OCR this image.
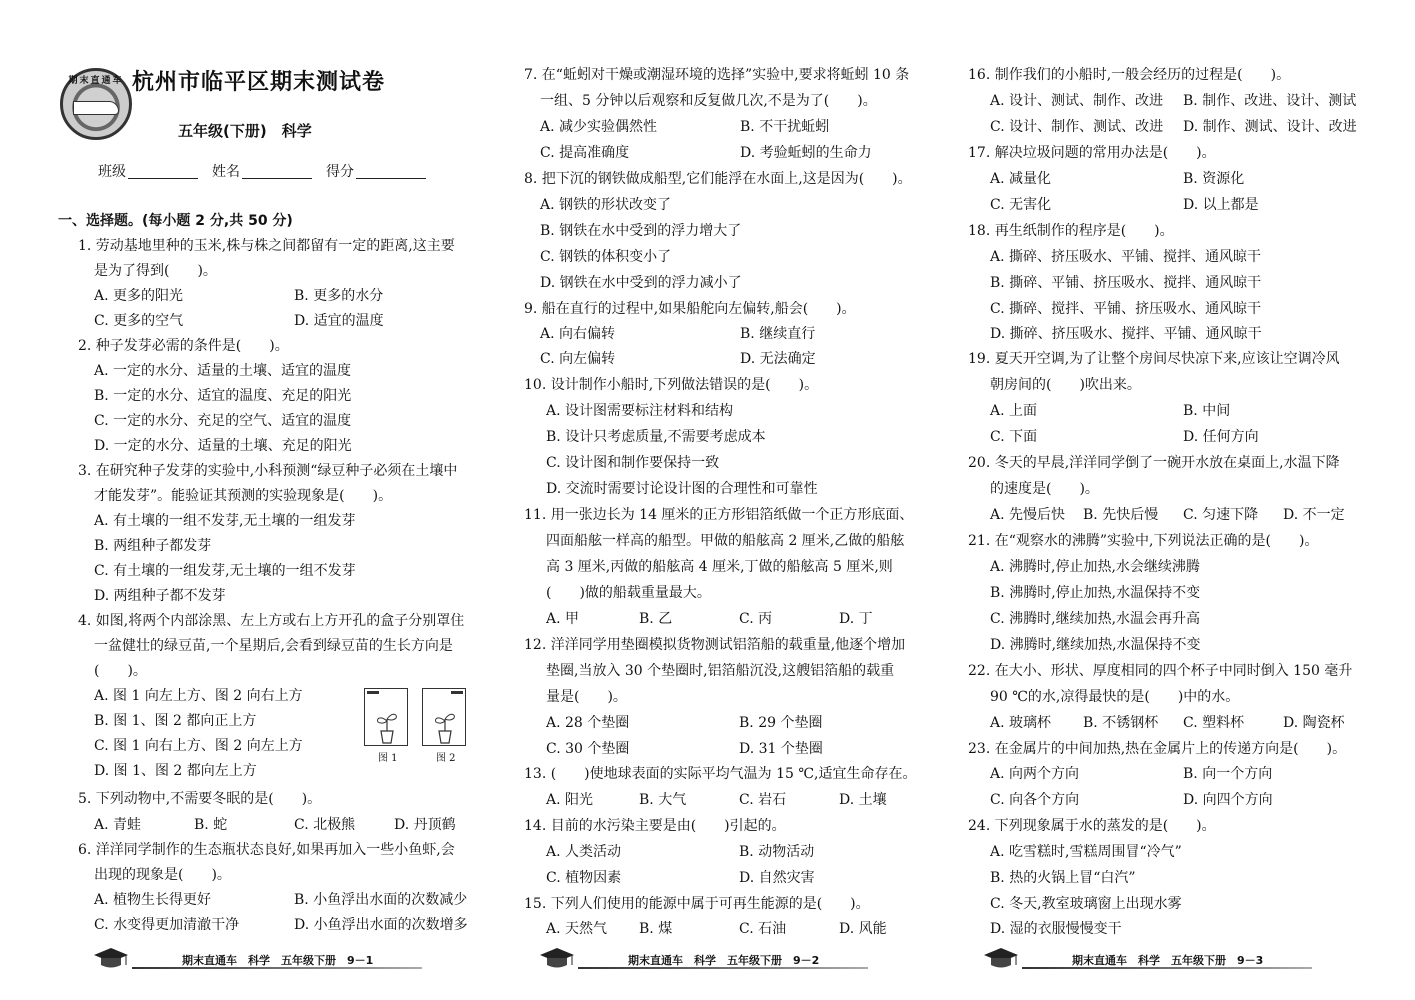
期末直通车 杭州市临平区期末测试卷
五年级(下册)　科学
班级	姓名	得分
一、选择题。(每小题 2 分,共 50 分)
1. 劳动基地里种的玉米,株与株之间都留有一定的距离,这主要
是为了得到(　　)。
A. 更多的阳光	B. 更多的水分
C. 更多的空气	D. 适宜的温度
2. 种子发芽必需的条件是(　　)。
A. 一定的水分、适量的土壤、适宜的温度
B. 一定的水分、适宜的温度、充足的阳光
C. 一定的水分、充足的空气、适宜的温度
D. 一定的水分、适量的土壤、充足的阳光
3. 在研究种子发芽的实验中,小科预测“绿豆种子必须在土壤中
才能发芽”。能验证其预测的实验现象是(　　)。
A. 有土壤的一组不发芽,无土壤的一组发芽
B. 两组种子都发芽
C. 有土壤的一组发芽,无土壤的一组不发芽
D. 两组种子都不发芽
4. 如图,将两个内部涂黑、左上方或右上方开孔的盒子分别罩住
一盆健壮的绿豆苗,一个星期后,会看到绿豆苗的生长方向是
(　　)。
A. 图 1 向左上方、图 2 向右上方
B. 图 1、图 2 都向正上方
C. 图 1 向右上方、图 2 向左上方
D. 图 1、图 2 都向左上方
图 1	图 2
5. 下列动物中,不需要冬眠的是(　　)。
A. 青蛙	B. 蛇	C. 北极熊	D. 丹顶鹤
6. 洋洋同学制作的生态瓶状态良好,如果再加入一些小鱼虾,会
出现的现象是(　　)。
A. 植物生长得更好	B. 小鱼浮出水面的次数减少
C. 水变得更加清澈干净	D. 小鱼浮出水面的次数增多
期末直通车　科学　五年级下册　9－1
7. 在“蚯蚓对干燥或潮湿环境的选择”实验中,要求将蚯蚓 10 条
一组、5 分钟以后观察和反复做几次,不是为了(　　)。
A. 减少实验偶然性	B. 不干扰蚯蚓
C. 提高准确度	D. 考验蚯蚓的生命力
8. 把下沉的钢铁做成船型,它们能浮在水面上,这是因为(　　)。
A. 钢铁的形状改变了
B. 钢铁在水中受到的浮力增大了
C. 钢铁的体积变小了
D. 钢铁在水中受到的浮力减小了
9. 船在直行的过程中,如果船舵向左偏转,船会(　　)。
A. 向右偏转	B. 继续直行
C. 向左偏转	D. 无法确定
10. 设计制作小船时,下列做法错误的是(　　)。
A. 设计图需要标注材料和结构
B. 设计只考虑质量,不需要考虑成本
C. 设计图和制作要保持一致
D. 交流时需要讨论设计图的合理性和可靠性
11. 用一张边长为 14 厘米的正方形铝箔纸做一个正方形底面、
四面船舷一样高的船型。甲做的船舷高 2 厘米,乙做的船舷
高 3 厘米,丙做的船舷高 4 厘米,丁做的船舷高 5 厘米,则
(　　)做的船载重量最大。
A. 甲	B. 乙	C. 丙	D. 丁
12. 洋洋同学用垫圈模拟货物测试铝箔船的载重量,他逐个增加
垫圈,当放入 30 个垫圈时,铝箔船沉没,这艘铝箔船的载重
量是(　　)。
A. 28 个垫圈	B. 29 个垫圈
C. 30 个垫圈	D. 31 个垫圈
13. (　　)使地球表面的实际平均气温为 15 ℃,适宜生命存在。
A. 阳光	B. 大气	C. 岩石	D. 土壤
14. 目前的水污染主要是由(　　)引起的。
A. 人类活动	B. 动物活动
C. 植物因素	D. 自然灾害
15. 下列人们使用的能源中属于可再生能源的是(　　)。
A. 天然气 B. 煤	C. 石油	D. 风能
期末直通车　科学　五年级下册　9－2
16. 制作我们的小船时,一般会经历的过程是(　　)。
A. 设计、测试、制作、改进 B. 制作、改进、设计、测试
C. 设计、制作、测试、改进 D. 制作、测试、设计、改进
17. 解决垃圾问题的常用办法是(　　)。
A. 减量化	B. 资源化
C. 无害化	D. 以上都是
18. 再生纸制作的程序是(　　)。
A. 撕碎、挤压吸水、平铺、搅拌、通风晾干
B. 撕碎、平铺、挤压吸水、搅拌、通风晾干
C. 撕碎、搅拌、平铺、挤压吸水、通风晾干
D. 撕碎、挤压吸水、搅拌、平铺、通风晾干
19. 夏天开空调,为了让整个房间尽快凉下来,应该让空调冷风
朝房间的(　　)吹出来。
A. 上面	B. 中间
C. 下面	D. 任何方向
20. 冬天的早晨,洋洋同学倒了一碗开水放在桌面上,水温下降
的速度是(　　)。
A. 先慢后快 B. 先快后慢 C. 匀速下降 D. 不一定
21. 在“观察水的沸腾”实验中,下列说法正确的是(　　)。
A. 沸腾时,停止加热,水会继续沸腾
B. 沸腾时,停止加热,水温保持不变
C. 沸腾时,继续加热,水温会再升高
D. 沸腾时,继续加热,水温保持不变
22. 在大小、形状、厚度相同的四个杯子中同时倒入 150 毫升
90 ℃的水,凉得最快的是(　　)中的水。
A. 玻璃杯 B. 不锈钢杯 C. 塑料杯	D. 陶瓷杯
23. 在金属片的中间加热,热在金属片上的传递方向是(　　)。
A. 向两个方向	B. 向一个方向
C. 向各个方向	D. 向四个方向
24. 下列现象属于水的蒸发的是(　　)。
A. 吃雪糕时,雪糕周围冒“冷气”
B. 热的火锅上冒“白汽”
C. 冬天,教室玻璃窗上出现水雾
D. 湿的衣服慢慢变干
期末直通车　科学　五年级下册　9－3
